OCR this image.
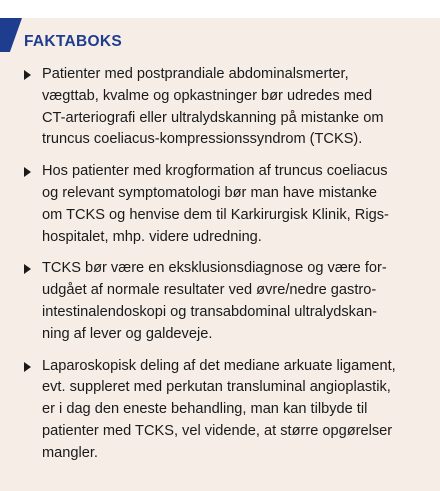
FAKTABOKS
Patienter med postprandiale abdominalsmerter,
vægttab, kvalme og opkastninger bør udredes med
CT-arteriografi eller ultralydskanning på mistanke om
truncus coeliacus-kompressionssyndrom (TCKS).
Hos patienter med krogformation af truncus coeliacus
og relevant symptomatologi bør man have mistanke
om TCKS og henvise dem til Karkirurgisk Klinik, Rigs-
hospitalet, mhp. videre udredning.
TCKS bør være en eksklusionsdiagnose og være for-
udgået af normale resultater ved øvre/nedre gastro-
intestinalendoskopi og transabdominal ultralydskan-
ning af lever og galdeveje.
Laparoskopisk deling af det mediane arkuate ligament,
evt. suppleret med perkutan transluminal angioplastik,
er i dag den eneste behandling, man kan tilbyde til
patienter med TCKS, vel vidende, at større opgørelser
mangler.
